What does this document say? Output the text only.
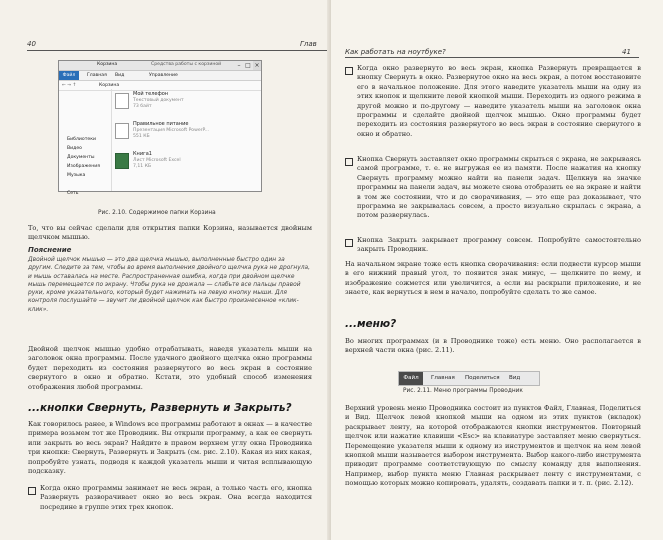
40	Глав
Корзина	Средства работы с корзиной	– □ ×
Файл	Главная Вид	Управление
← → ↑	Корзина
Библиотеки
Видео
Документы
Изображения
Музыка
Сеть
Мой телефон
Текстовый документ
73 байт
Правильное питание
Презентация Microsoft PowerP...
551 КБ
Книга1
Лист Microsoft Excel
7,11 КБ
Рис. 2.10. Содержимое папки Корзина
То, что вы сейчас сделали для открытия папки Корзина, называется двойным щелчком мышью.
Пояснение
Двойной щелчок мышью — это два щелчка мышью, выполненные быстро один за другим. Следите за тем, чтобы во время выполнения двойного щелчка рука не дрогнула, и мышь оставалась на месте. Распространенная ошибка, когда при двойном щелчке мышь перемещается по экрану. Чтобы рука не дрожала — слабьте все пальцы правой руки, кроме указательного, который будет нажимать на левую кнопку мыши. Для контроля послушайте — звучит ли двойной щелчок как быстро произнесенное «клик-клик».
Двойной щелчок мышью удобно отрабатывать, наведя указатель мыши на заголовок окна программы. После удачного двойного щелчка окно программы будет переходить из состояния развернутого во весь экран в состояние свернутого в окно и обратно. Кстати, это удобный способ изменения отображения любой программы.
...кнопки Свернуть, Развернуть и Закрыть?
Как говорилось ранее, в Windows все программы работают в окнах — в качестве примера возьмем тот же Проводник. Вы открыли программу, а как ее свернуть или закрыть во весь экран? Найдите в правом верхнем углу окна Проводника три кнопки: Свернуть, Развернуть и Закрыть (см. рис. 2.10). Какая из них какая, попробуйте узнать, подводя к каждой указатель мыши и читая всплывающую подсказку.
Когда окно программы занимает не весь экран, а только часть его, кнопка Развернуть разворачивает окно во весь экран. Она всегда находится посредине в группе этих трех кнопок.
Как работать на ноутбуке?	41
Когда окно развернуто во весь экран, кнопка Развернуть превращается в кнопку Свернуть в окно. Развернутое окно на весь экран, а потом восстановите его в начальное положение. Для этого наведите указатель мыши на одну из этих кнопок и щелкните левой кнопкой мыши. Переходить из одного режима в другой можно и по-другому — наведите указатель мыши на заголовок окна программы и сделайте двойной щелчок мышью. Окно программы будет переходить из состояния развернутого во весь экран в состояние свернутого в окно и обратно.
Кнопка Свернуть заставляет окно программы скрыться с экрана, не закрываясь самой программе, т. е. не выгружая ее из памяти. После нажатия на кнопку Свернуть программу можно найти на панели задач. Щелкнув на значке программы на панели задач, вы можете снова отобразить ее на экране и найти в том же состоянии, что и до сворачивания, — это еще раз доказывает, что программа не закрывалась совсем, а просто визуально скрылась с экрана, а потом развернулась.
Кнопка Закрыть закрывает программу совсем. Попробуйте самостоятельно закрыть Проводник.
На начальном экране тоже есть кнопка сворачивания: если подвести курсор мыши в его нижний правый угол, то появится знак минус, — щелкните по нему, и изображение сожмется или увеличится, а если вы раскрыли приложение, и не знаете, как вернуться в нем в начало, попробуйте сделать то же самое.
...меню?
Во многих программах (и в Проводнике тоже) есть меню. Оно располагается в верхней части окна (рис. 2.11).
Рис. 2.11. Меню программы Проводник
Верхний уровень меню Проводника состоит из пунктов Файл, Главная, Поделиться и Вид. Щелчок левой кнопкой мыши на одном из этих пунктов (вкладок) раскрывает ленту, на которой отображаются кнопки инструментов. Повторный щелчок или нажатие клавиши <Esc> на клавиатуре заставляет меню свернуться. Перемещение указателя мыши к одному из инструментов и щелчок на нем левой кнопкой мыши называется выбором инструмента. Выбор какого-либо инструмента приводит программе соответствующую по смыслу команду для выполнения. Например, выбор пункта меню Главная раскрывает ленту с инструментами, с помощью которых можно копировать, удалять, создавать папки и т. п. (рис. 2.12).
Файл	Главная Поделиться Вид
